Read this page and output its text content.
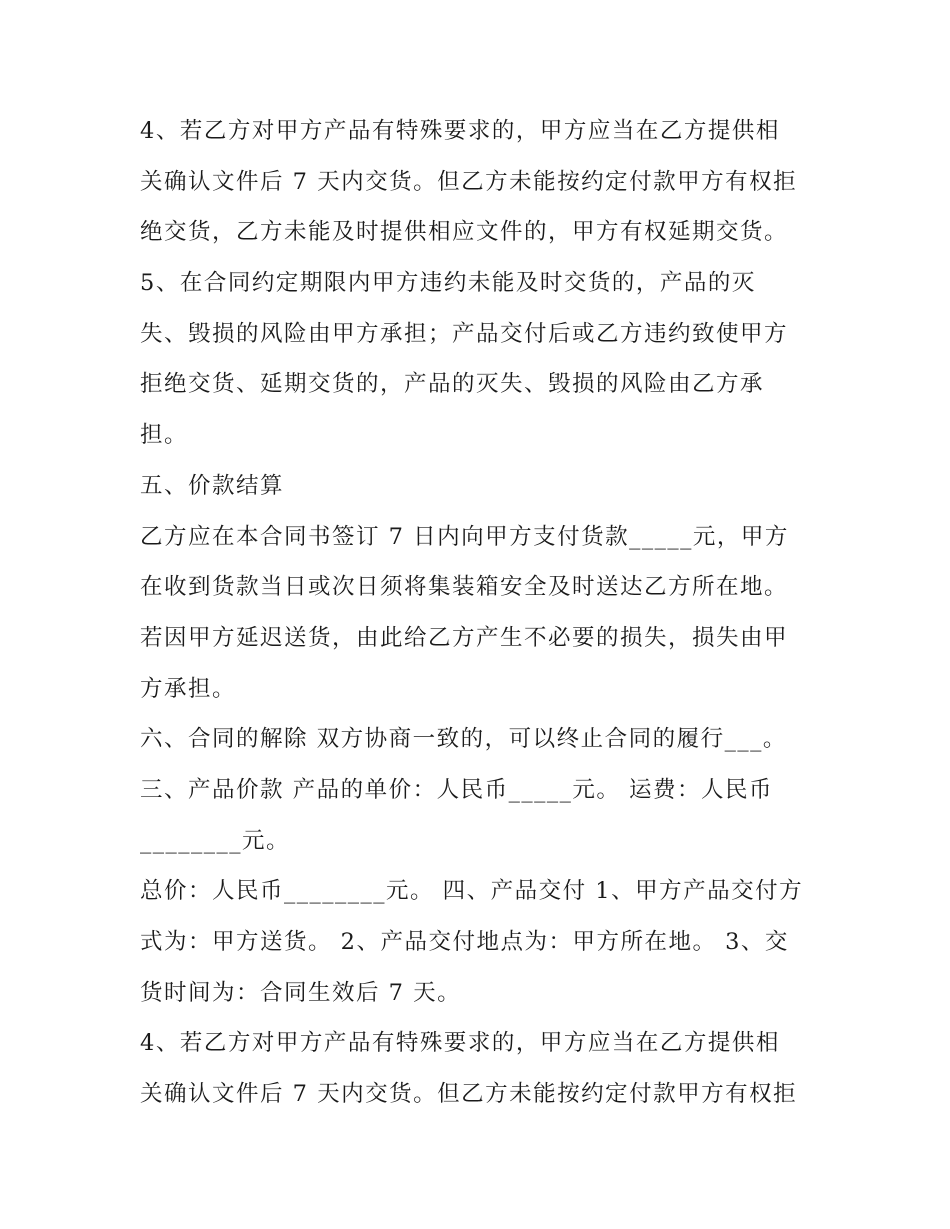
4、若乙方对甲方产品有特殊要求的，甲方应当在乙方提供相
关确认文件后 7 天内交货。但乙方未能按约定付款甲方有权拒
绝交货，乙方未能及时提供相应文件的，甲方有权延期交货。
5、在合同约定期限内甲方违约未能及时交货的，产品的灭
失、毁损的风险由甲方承担；产品交付后或乙方违约致使甲方
拒绝交货、延期交货的，产品的灭失、毁损的风险由乙方承
担。
五、价款结算
乙方应在本合同书签订 7 日内向甲方支付货款_____元，甲方
在收到货款当日或次日须将集装箱安全及时送达乙方所在地。
若因甲方延迟送货，由此给乙方产生不必要的损失，损失由甲
方承担。
六、合同的解除 双方协商一致的，可以终止合同的履行___。
三、产品价款 产品的单价：人民币_____元。 运费：人民币
________元。
总价：人民币________元。 四、产品交付 1、甲方产品交付方
式为：甲方送货。 2、产品交付地点为：甲方所在地。 3、交
货时间为：合同生效后 7 天。
4、若乙方对甲方产品有特殊要求的，甲方应当在乙方提供相
关确认文件后 7 天内交货。但乙方未能按约定付款甲方有权拒
